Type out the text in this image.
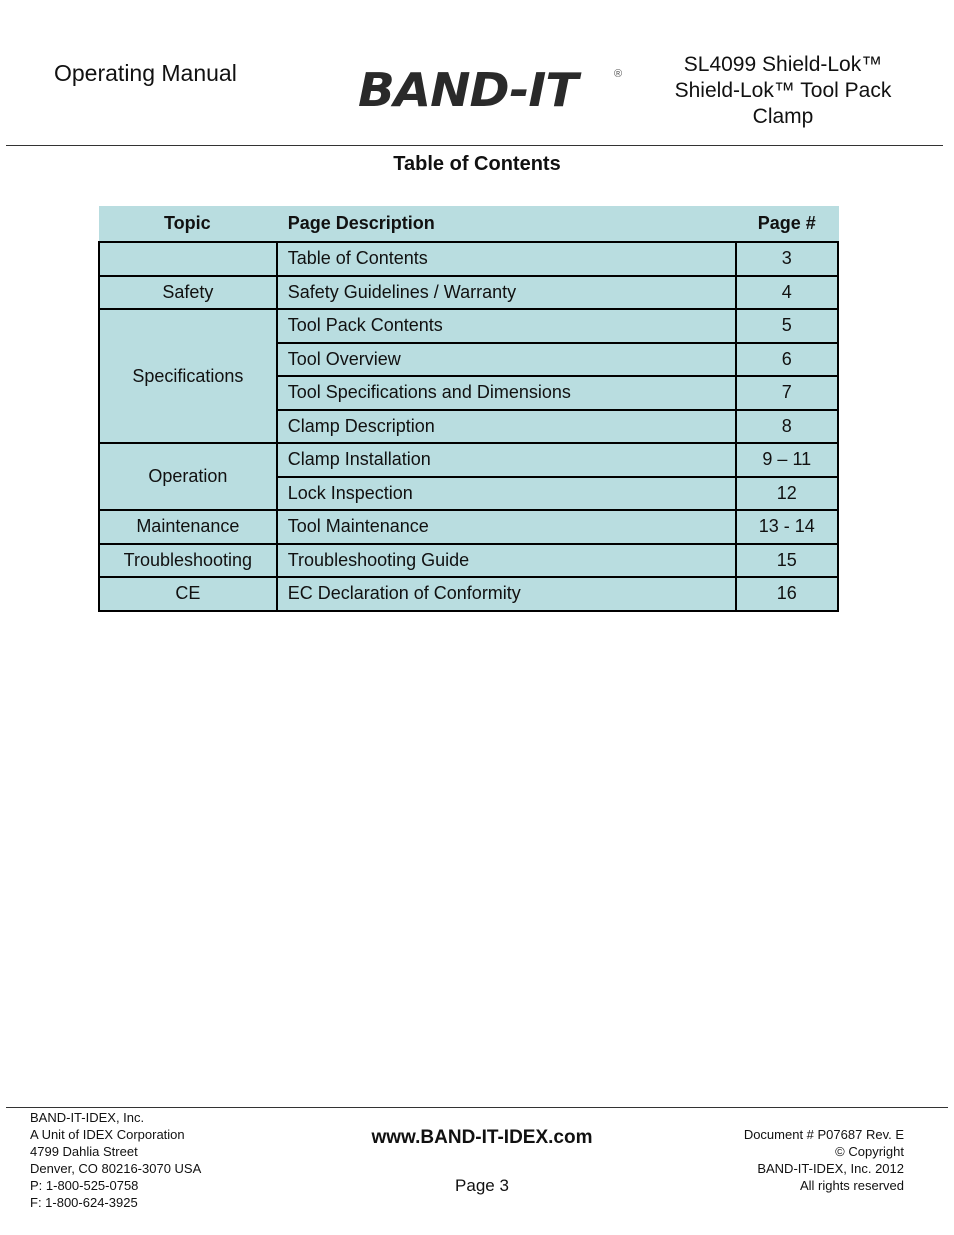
Operating Manual	BAND-IT	®	SL4099 Shield-Lok™
Shield-Lok™ Tool Pack
Clamp
Table of Contents
Topic	Page Description	Page #
	Table of Contents	3
Safety	Safety Guidelines / Warranty	4
Specifications	Tool Pack Contents	5
	Tool Overview	6
	Tool Specifications and Dimensions	7
	Clamp Description	8
Operation	Clamp Installation	9 – 11
	Lock Inspection	12
Maintenance	Tool Maintenance	13 - 14
Troubleshooting	Troubleshooting Guide	15
CE	EC Declaration of Conformity	16
BAND-IT-IDEX, Inc.
A Unit of IDEX Corporation
4799 Dahlia Street
Denver, CO 80216-3070 USA
P: 1-800-525-0758
F: 1-800-624-3925
www.BAND-IT-IDEX.com
Page 3
Document # P07687 Rev. E
© Copyright
BAND-IT-IDEX, Inc. 2012
All rights reserved
